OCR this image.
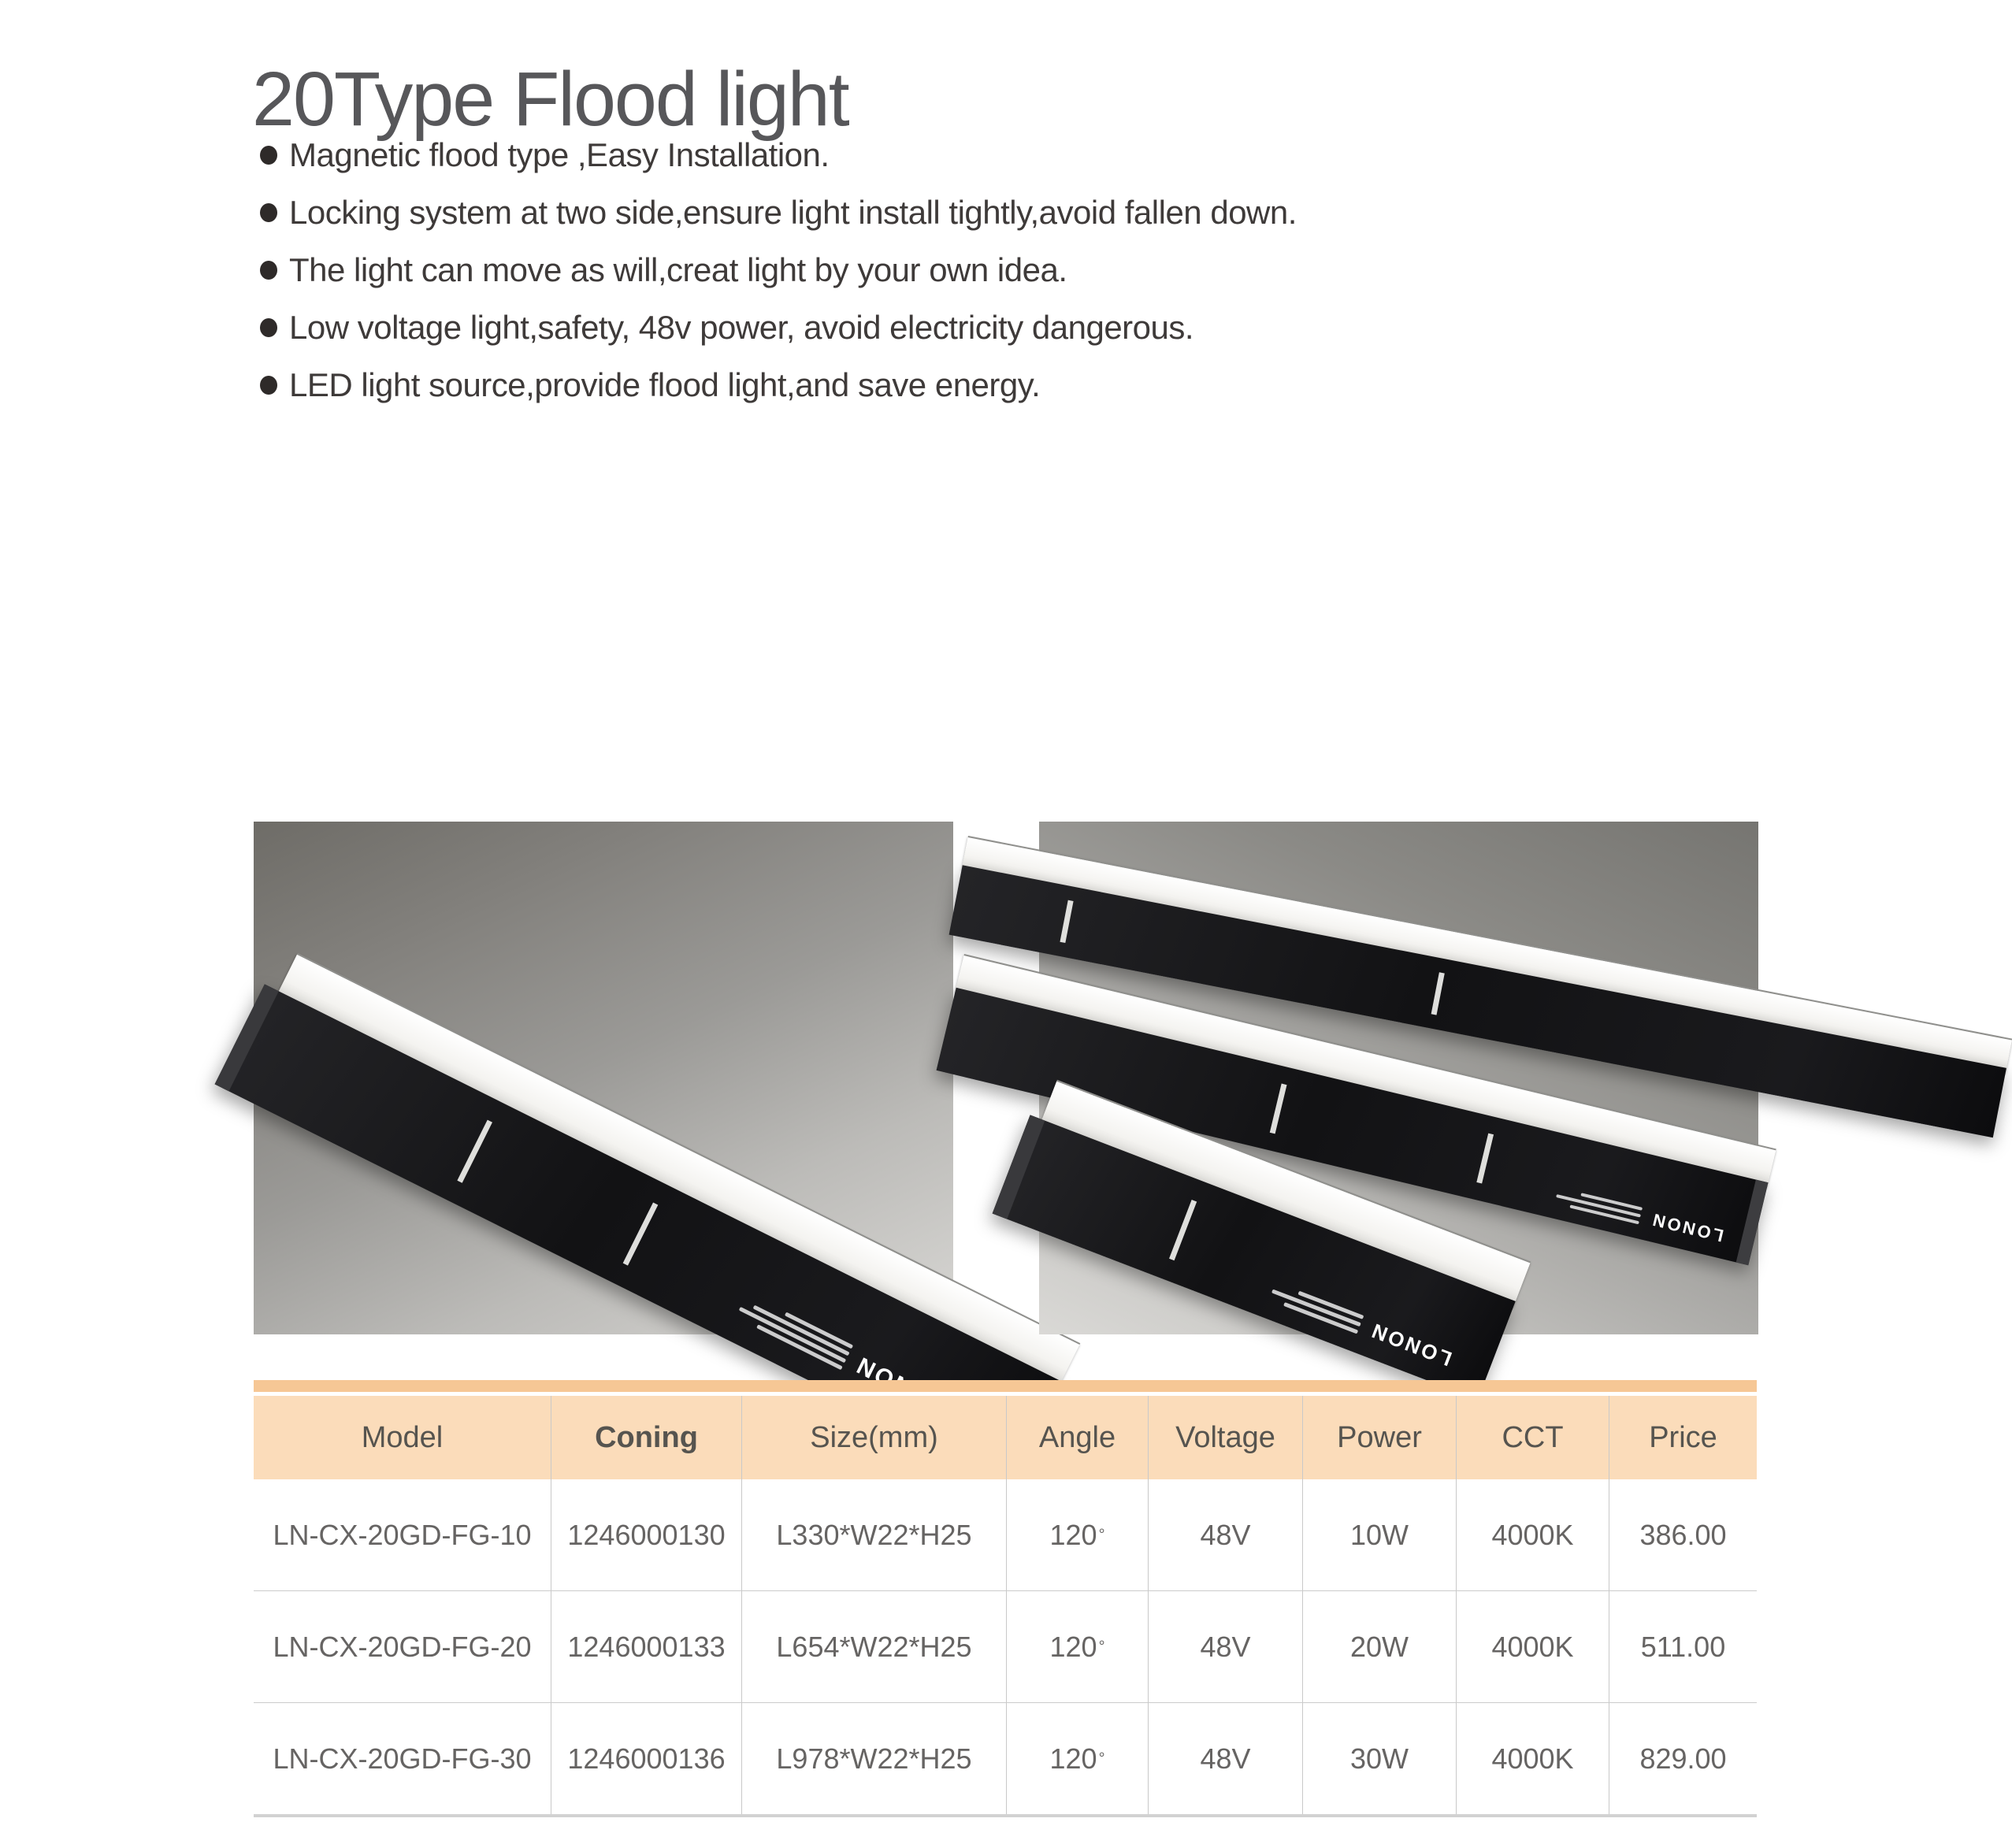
20Type Flood light
Magnetic flood type ,Easy Installation.
Locking system at two side,ensure light install tightly,avoid fallen down.
The light can move as will,creat light by your own idea.
Low voltage light,safety, 48v power, avoid electricity dangerous.
LED light source,provide flood light,and save energy.
LONON
LONON
Model	Coning	Size(mm)	Angle	Voltage	Power	CCT	Price
LN-CX-20GD-FG-10	1246000130	L330*W22*H25	120 °	48V	10W	4000K	386.00
LN-CX-20GD-FG-20	1246000133	L654*W22*H25	120 °	48V	20W	4000K	511.00
LN-CX-20GD-FG-30	1246000136	L978*W22*H25	120 °	48V	30W	4000K	829.00
